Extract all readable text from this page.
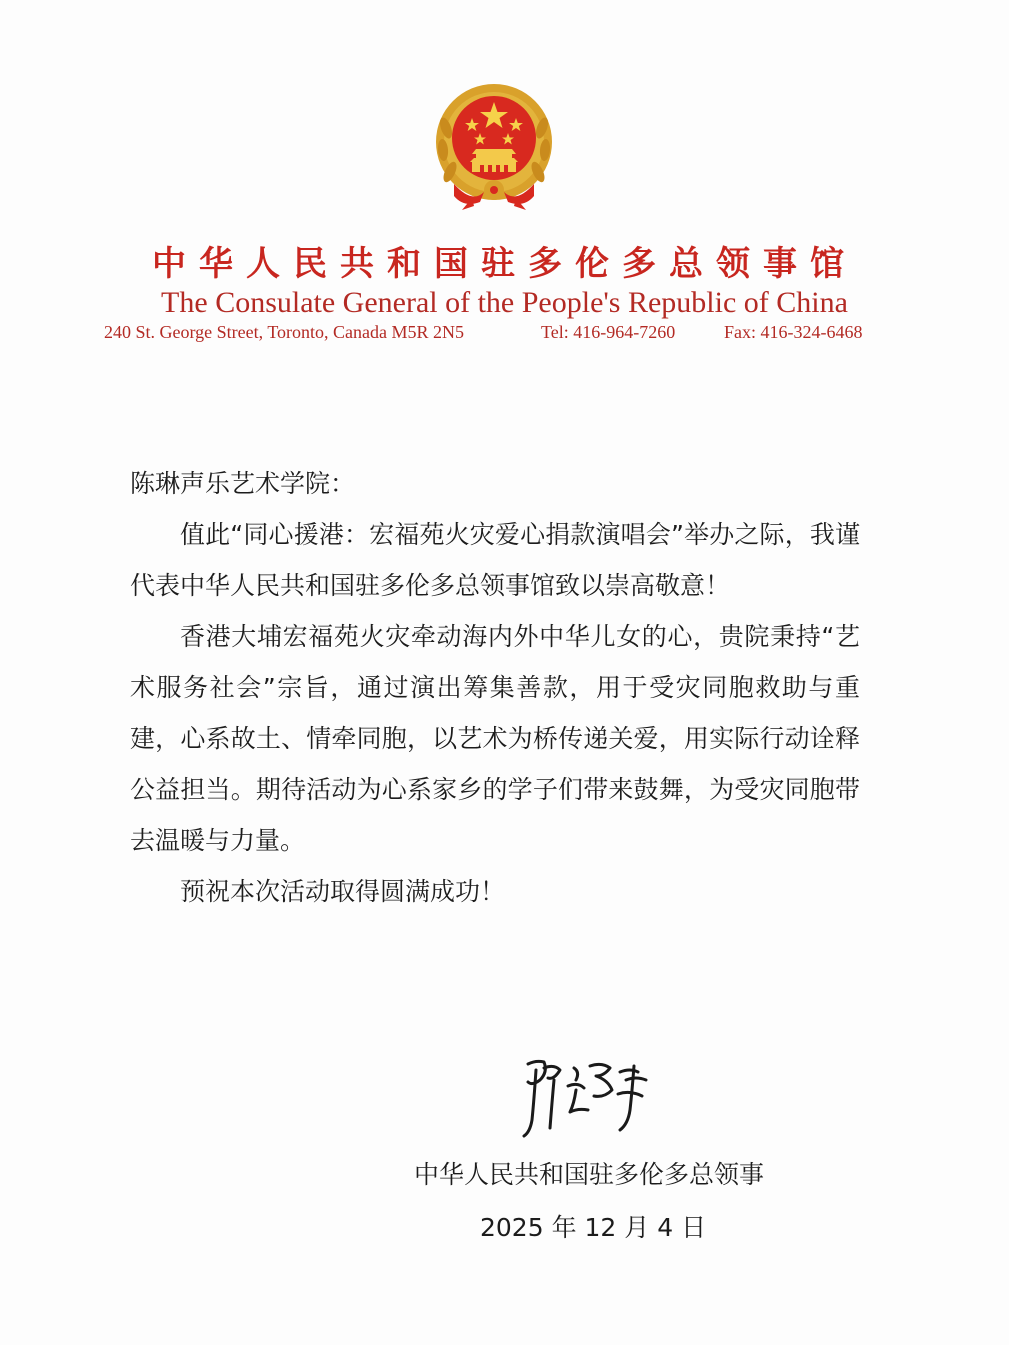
中华人民共和国驻多伦多总领事馆
The Consulate General of the People's Republic of China
240 St. George Street, Toronto, Canada M5R 2N5	Tel: 416-964-7260	Fax: 416-324-6468

陈琳声乐艺术学院：

值此“同心援港：宏福苑火灾爱心捐款演唱会”举办之际，我谨代表中华人民共和国驻多伦多总领事馆致以崇高敬意！

香港大埔宏福苑火灾牵动海内外中华儿女的心，贵院秉持“艺术服务社会”宗旨，通过演出筹集善款，用于受灾同胞救助与重建，心系故土、情牵同胞，以艺术为桥传递关爱，用实际行动诠释公益担当。期待活动为心系家乡的学子们带来鼓舞，为受灾同胞带去温暖与力量。

预祝本次活动取得圆满成功！

中华人民共和国驻多伦多总领事
2025 年 12 月 4 日
